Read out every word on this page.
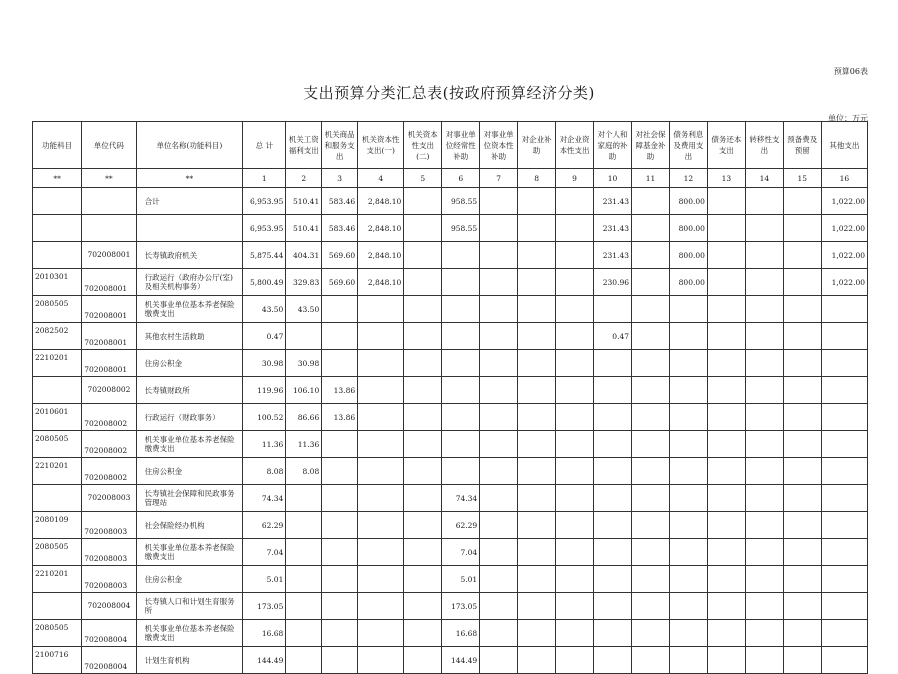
预算06表
支出预算分类汇总表(按政府预算经济分类)
单位：万元
功能科目	单位代码	单位名称(功能科目)	总 计	机关工资福利支出	机关商品和服务支出	机关资本性支出(一)	机关资本性支出(二)	对事业单位经常性补助	对事业单位资本性补助	对企业补助	对企业资本性支出	对个人和家庭的补助	对社会保障基金补助	债务利息及费用支出	债务还本支出	转移性支出	预备费及预留	其他支出
**	**	**	1	2	3	4	5	6	7	8	9	10	11	12	13	14	15	16
		合计	6,953.95	510.41	583.46	2,848.10		958.55				231.43		800.00				1,022.00
			6,953.95	510.41	583.46	2,848.10		958.55				231.43		800.00				1,022.00
	702008001	长寿镇政府机关	5,875.44	404.31	569.60	2,848.10						231.43		800.00				1,022.00
2010301	702008001	行政运行（政府办公厅(室)及相关机构事务）	5,800.49	329.83	569.60	2,848.10						230.96		800.00				1,022.00
2080505	702008001	机关事业单位基本养老保险缴费支出	43.50	43.50														
2082502	702008001	其他农村生活救助	0.47									0.47						
2210201	702008001	住房公积金	30.98	30.98														
	702008002	长寿镇财政所	119.96	106.10	13.86													
2010601	702008002	行政运行（财政事务）	100.52	86.66	13.86													
2080505	702008002	机关事业单位基本养老保险缴费支出	11.36	11.36														
2210201	702008002	住房公积金	8.08	8.08														
	702008003	长寿镇社会保障和民政事务管理站	74.34					74.34										
2080109	702008003	社会保险经办机构	62.29					62.29										
2080505	702008003	机关事业单位基本养老保险缴费支出	7.04					7.04										
2210201	702008003	住房公积金	5.01					5.01										
	702008004	长寿镇人口和计划生育服务所	173.05					173.05										
2080505	702008004	机关事业单位基本养老保险缴费支出	16.68					16.68										
2100716	702008004	计划生育机构	144.49					144.49										
